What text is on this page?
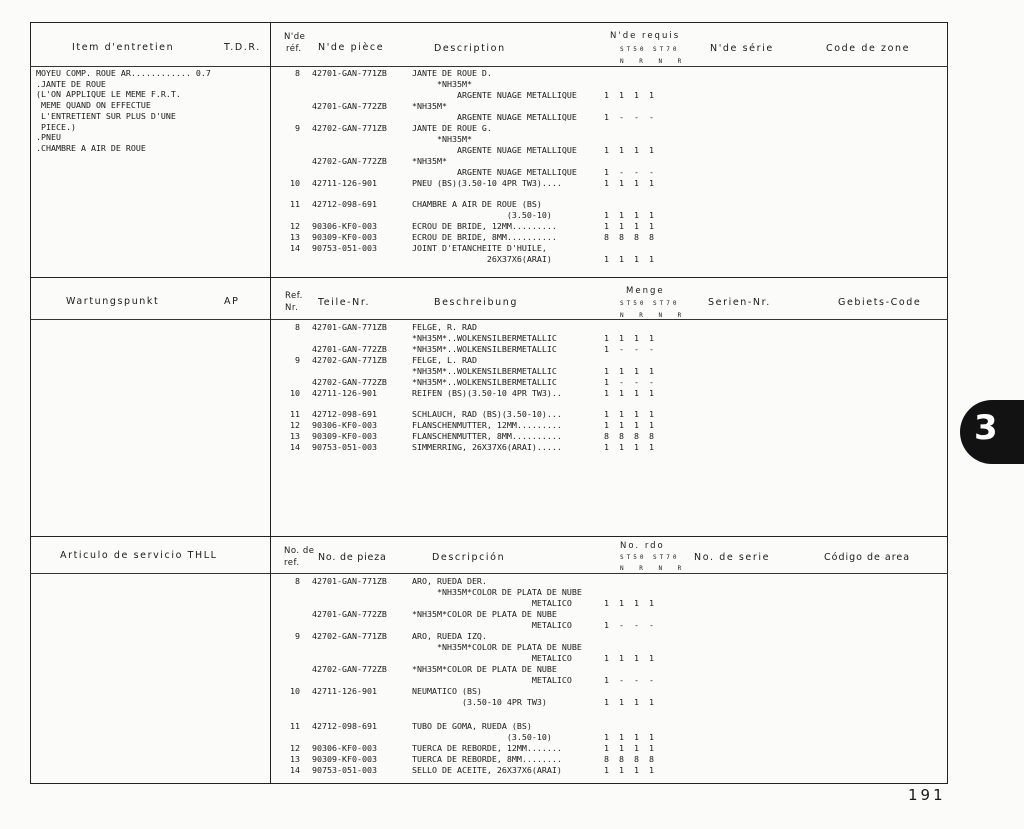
Item d'entretien	T.D.R.
N'de
réf. N'de pièce	Description
N'de requis
ST50 ST70
N R N R
N'de série	Code de zone
MOYEU COMP. ROUE AR............ 0.7
.JANTE DE ROUE
(L'ON APPLIQUE LE MEME F.R.T.
MEME QUAND ON EFFECTUE
L'ENTRETIENT SUR PLUS D'UNE
PIECE.)
.PNEU
.CHAMBRE A AIR DE ROUE
8 42701-GAN-771ZB	JANTE DE ROUE D.
*NH35M*
ARGENTE NUAGE METALLIQUE	1  1  1  1
42701-GAN-772ZB	*NH35M*
ARGENTE NUAGE METALLIQUE	1  -  -  -
9 42702-GAN-771ZB	JANTE DE ROUE G.
*NH35M*
ARGENTE NUAGE METALLIQUE	1  1  1  1
42702-GAN-772ZB	*NH35M*
ARGENTE NUAGE METALLIQUE	1  -  -  -
10 42711-126-901	PNEU (BS)(3.50-10 4PR TW3)....	1  1  1  1
11 42712-098-691	CHAMBRE A AIR DE ROUE (BS)
(3.50-10)	1  1  1  1
12 90306-KF0-003	ECROU DE BRIDE, 12MM.........	1  1  1  1
13 90309-KF0-003	ECROU DE BRIDE, 8MM..........	8  8  8  8
14 90753-051-003	JOINT D'ETANCHEITE D'HUILE,
26X37X6(ARAI)	1  1  1  1
Wartungspunkt	AP	Ref.
Nr. Teile-Nr.	Beschreibung
Menge
ST50 ST70
N R N R
Serien-Nr.	Gebiets-Code
8 42701-GAN-771ZB	FELGE, R. RAD
*NH35M*..WOLKENSILBERMETALLIC	1  1  1  1
42701-GAN-772ZB	*NH35M*..WOLKENSILBERMETALLIC	1  -  -  -
9 42702-GAN-771ZB	FELGE, L. RAD
*NH35M*..WOLKENSILBERMETALLIC	1  1  1  1
42702-GAN-772ZB	*NH35M*..WOLKENSILBERMETALLIC	1  -  -  -
10 42711-126-901	REIFEN (BS)(3.50-10 4PR TW3)..	1  1  1  1
11 42712-098-691	SCHLAUCH, RAD (BS)(3.50-10)...	1  1  1  1
12 90306-KF0-003	FLANSCHENMUTTER, 12MM.........	1  1  1  1
13 90309-KF0-003	FLANSCHENMUTTER, 8MM..........	8  8  8  8
14 90753-051-003	SIMMERRING, 26X37X6(ARAI).....	1  1  1  1
Articulo de servicio THLL	No. de
ref. No. de pieza	Descripción
No. rdo
ST50 ST70
N R N R
No. de serie	Código de area
8 42701-GAN-771ZB	ARO, RUEDA DER.
*NH35M*COLOR DE PLATA DE NUBE
METALICO	1  1  1  1
42701-GAN-772ZB	*NH35M*COLOR DE PLATA DE NUBE
METALICO	1  -  -  -
9 42702-GAN-771ZB	ARO, RUEDA IZQ.
*NH35M*COLOR DE PLATA DE NUBE
METALICO	1  1  1  1
42702-GAN-772ZB	*NH35M*COLOR DE PLATA DE NUBE
METALICO	1  -  -  -
10 42711-126-901	NEUMATICO (BS)
(3.50-10 4PR TW3)	1  1  1  1
11 42712-098-691	TUBO DE GOMA, RUEDA (BS)
(3.50-10)	1  1  1  1
12 90306-KF0-003	TUERCA DE REBORDE, 12MM.......	1  1  1  1
13 90309-KF0-003	TUERCA DE REBORDE, 8MM........	8  8  8  8
14 90753-051-003	SELLO DE ACEITE, 26X37X6(ARAI)	1  1  1  1
3
191
